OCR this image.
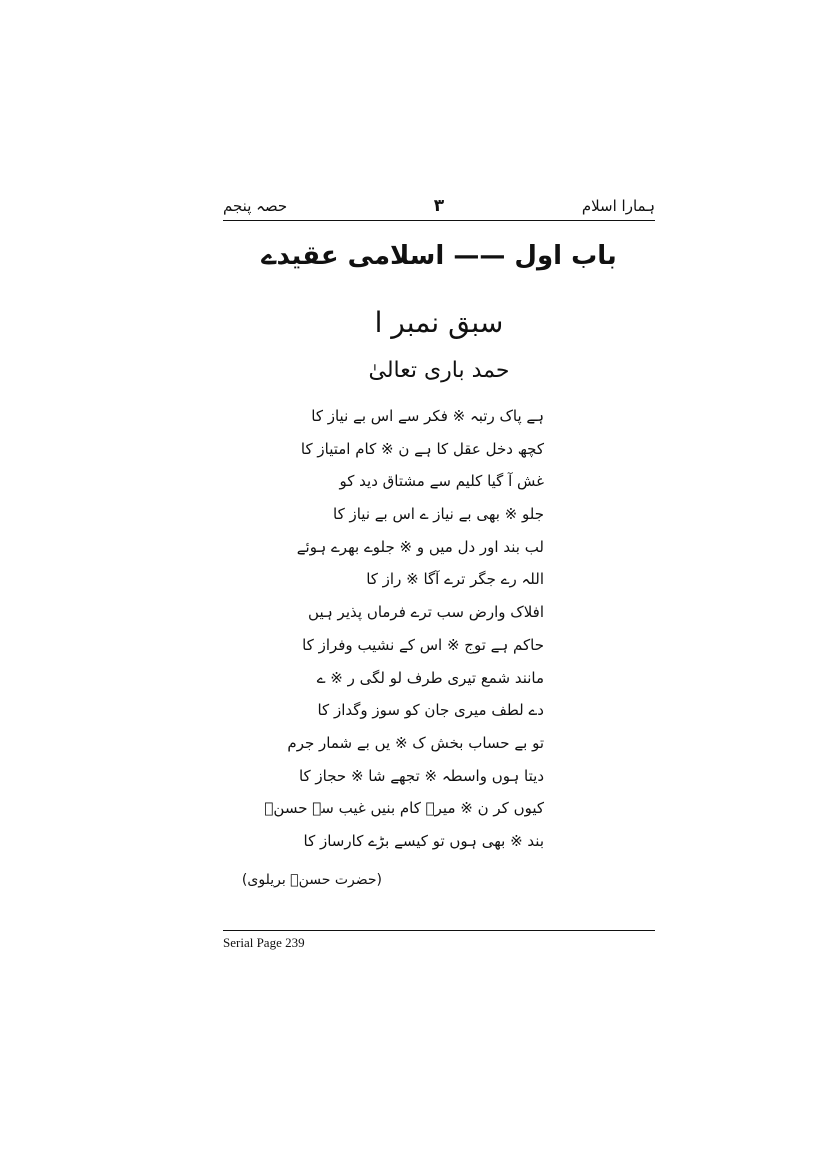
ہمارا اسلام
۳
حصہ پنجم
باب اول —— اسلامی عقیدے
سبق نمبر ا
حمد باری تعالیٰ
ہے پاک رتبہ ※ فکر سے اس بے نیاز کا
کچھ دخل عقل کا ہے ن ※ کام امتیاز کا
غش آ گیا کلیم سے مشتاق دید کو
جلو ※ بھی بے نیاز ے اس بے نیاز کا
لب بند اور دل میں و ※ جلوے بھرے ہوئے
اللہ رے جگر ترے آگا ※ راز کا
افلاک وارض سب ترے فرماں پذیر ہیں
حاکم ہے توج ※ اس کے نشیب وفراز کا
مانند شمع تیری طرف لو لگی ر ※ ے
دے لطف میری جان کو سوز وگداز کا
تو بے حساب بخش ک ※ یں بے شمار جرم
دیتا ہوں واسطہ ※ تجھے شا ※ حجاز کا
کیوں کر ن ※ میرے کام بنیں غیب سے حسنؔ
بند ※ بھی ہوں تو کیسے بڑے کارساز کا
(حضرت حسنؔ بریلوی)
Serial Page 239
